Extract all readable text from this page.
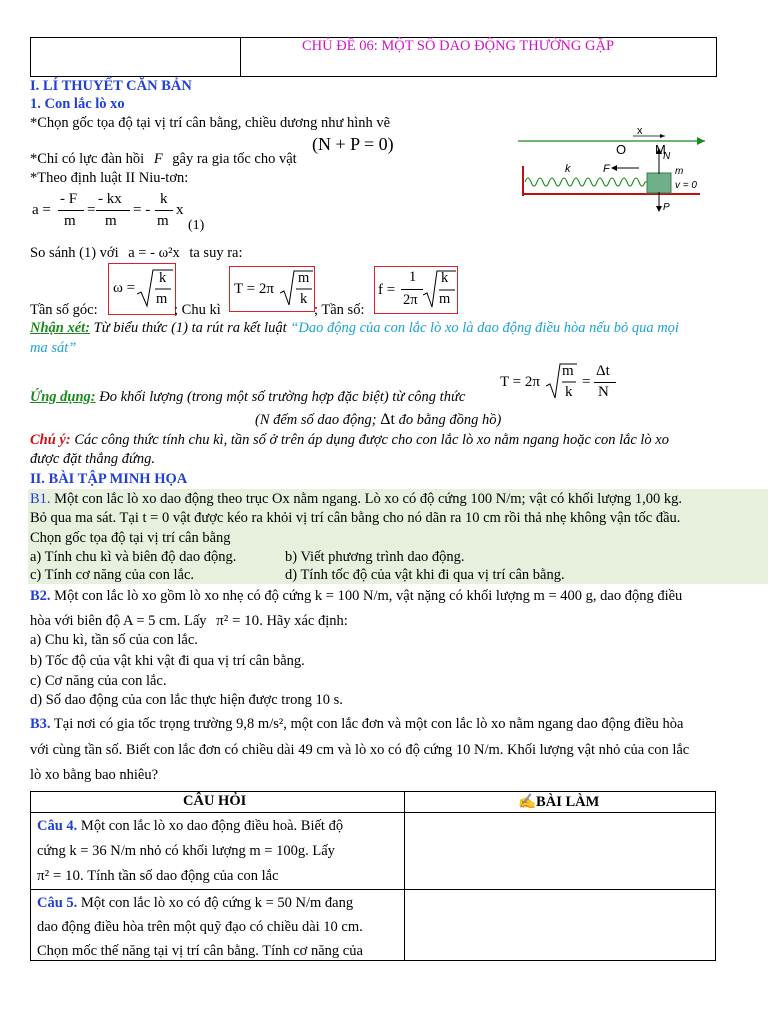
CHỦ ĐỀ 06: MỘT SỐ DAO ĐỘNG THƯỜNG GẶP
I. LÍ THUYẾT CĂN BẢN
1. Con lắc lò xo
*Chọn gốc tọa độ tại vị trí cân bằng, chiều dương như hình vẽ
(N + P = 0)
*Chỉ có lực đàn hồi F gây ra gia tốc cho vật
*Theo định luật II Niu-tơn:
a =
- F
m
=
- kx
m
= -
k
m
x
(1)
So sánh (1) với a = - ω²x ta suy ra:
Tần số góc:
ω =
k
m
; Chu kì
T = 2π
m
k
; Tần số:
f =
1
2π
k
m
Nhận xét: Từ biểu thức (1) ta rút ra kết luật “Dao động của con lắc lò xo là dao động điều hòa nếu bỏ qua mọi
ma sát”
Ứng dụng: Đo khối lượng (trong một số trường hợp đặc biệt) từ công thức
T = 2π
m
k
=
Δt
N
(N đếm số dao động; Δt đo bằng đồng hồ)
Chú ý: Các công thức tính chu kì, tần số ở trên áp dụng được cho con lắc lò xo nằm ngang hoặc con lắc lò xo
được đặt thẳng đứng.
x
O M
N
k	F	m
v = 0
P
II. BÀI TẬP MINH HỌA
B1. Một con lắc lò xo dao động theo trục Ox nằm ngang. Lò xo có độ cứng 100 N/m; vật có khối lượng 1,00 kg.
Bỏ qua ma sát. Tại t = 0 vật được kéo ra khỏi vị trí cân bằng cho nó dãn ra 10 cm rồi thả nhẹ không vận tốc đầu.
Chọn gốc tọa độ tại vị trí cân bằng
a) Tính chu kì và biên độ dao động.	b) Viết phương trình dao động.
c) Tính cơ năng của con lắc.	d) Tính tốc độ của vật khi đi qua vị trí cân bằng.
B2. Một con lắc lò xo gồm lò xo nhẹ có độ cứng k = 100 N/m, vật nặng có khối lượng m = 400 g, dao động điều
hòa với biên độ A = 5 cm. Lấy π² = 10. Hãy xác định:
a) Chu kì, tần số của con lắc.
b) Tốc độ của vật khi vật đi qua vị trí cân bằng.
c) Cơ năng của con lắc.
d) Số dao động của con lắc thực hiện được trong 10 s.
B3. Tại nơi có gia tốc trọng trường 9,8 m/s², một con lắc đơn và một con lắc lò xo nằm ngang dao động điều hòa
với cùng tần số. Biết con lắc đơn có chiều dài 49 cm và lò xo có độ cứng 10 N/m. Khối lượng vật nhỏ của con lắc
lò xo bằng bao nhiêu?
CÂU HỎI	✍BÀI LÀM
Câu 4. Một con lắc lò xo dao động điều hoà. Biết độ
cứng k = 36 N/m nhỏ có khối lượng m = 100g. Lấy
π² = 10. Tính tần số dao động của con lắc
Câu 5. Một con lắc lò xo có độ cứng k = 50 N/m đang
dao động điều hòa trên một quỹ đạo có chiều dài 10 cm.
Chọn mốc thế năng tại vị trí cân bằng. Tính cơ năng của
